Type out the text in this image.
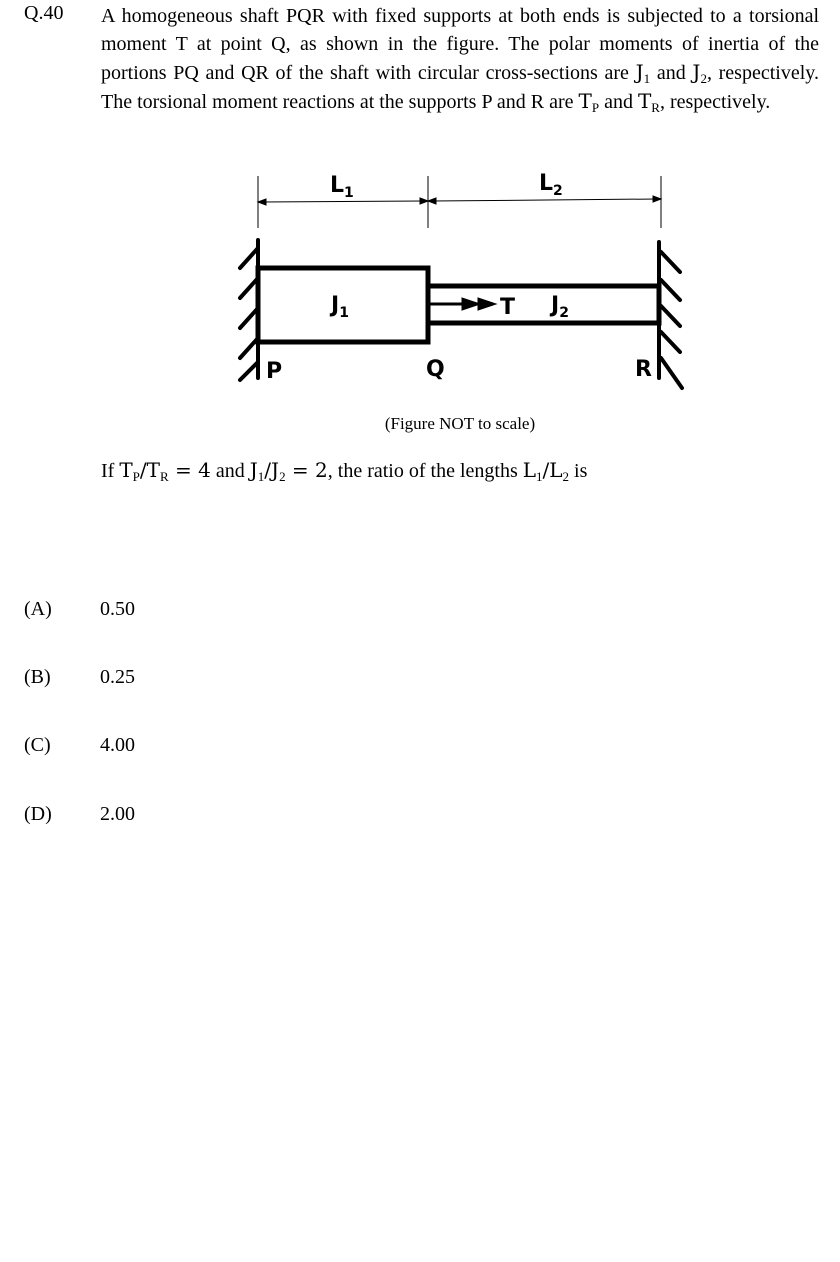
Q.40 A homogeneous shaft PQR with fixed supports at both ends is subjected to a torsional moment T at point Q, as shown in the figure. The polar moments of inertia of the portions PQ and QR of the shaft with circular cross-sections are $J_1$ and $J_2$, respectively. The torsional moment reactions at the supports P and R are $T_P$ and $T_R$, respectively.
$L_1$	$L_2$
$J_1$	$J_2$
T
P	Q	R
(Figure NOT to scale)
If $T_P/T_R = 4$ and $J_1/J_2 = 2$, the ratio of the lengths $L_1/L_2$ is
(A) 0.50
(B) 0.25
(C) 4.00
(D) 2.00
